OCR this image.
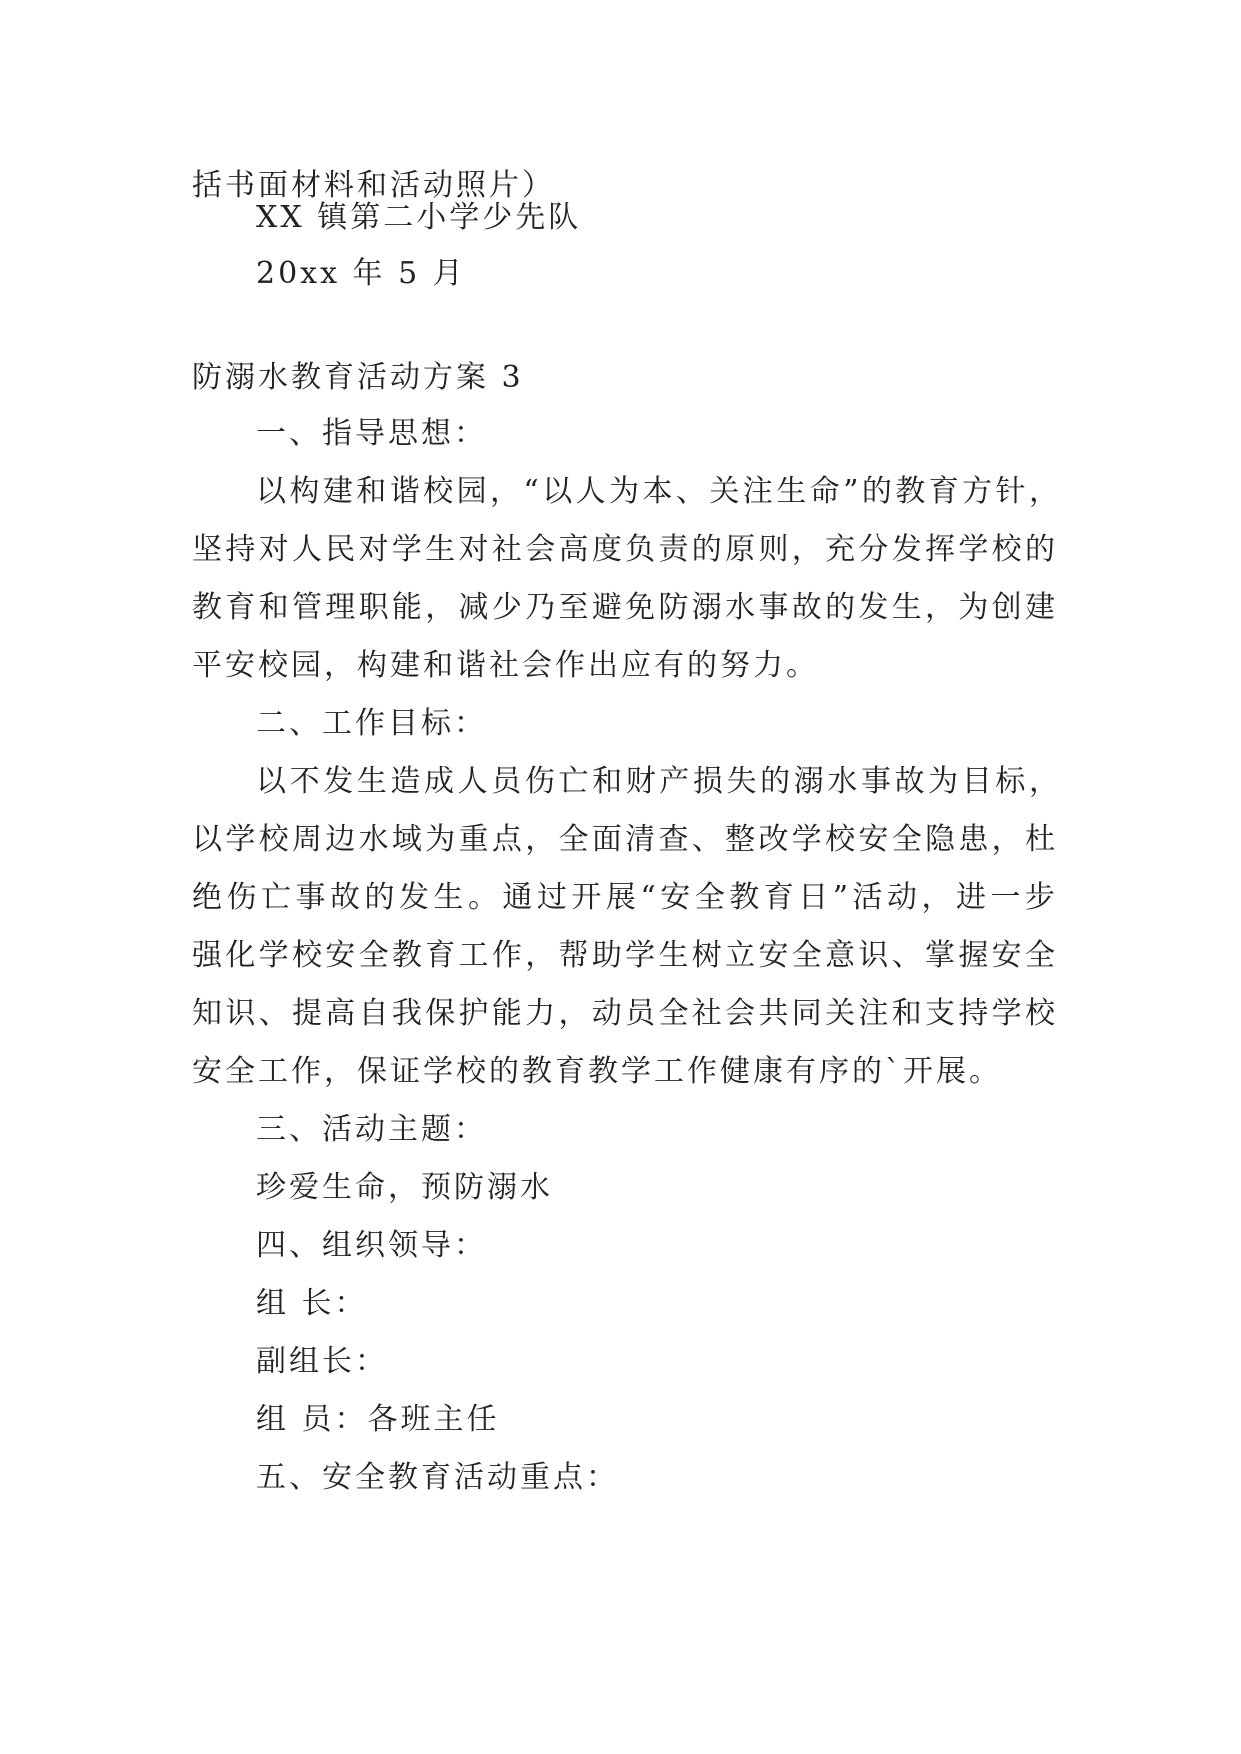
括书面材料和活动照片）
XX 镇第二小学少先队
20xx 年 5 月
防溺水教育活动方案 3
一、指导思想：
以构建和谐校园，“以人为本、关注生命”的教育方针，
坚持对人民对学生对社会高度负责的原则，充分发挥学校的
教育和管理职能，减少乃至避免防溺水事故的发生，为创建
平安校园，构建和谐社会作出应有的努力。
二、工作目标：
以不发生造成人员伤亡和财产损失的溺水事故为目标，
以学校周边水域为重点，全面清查、整改学校安全隐患，杜
绝伤亡事故的发生。通过开展“安全教育日”活动，进一步
强化学校安全教育工作，帮助学生树立安全意识、掌握安全
知识、提高自我保护能力，动员全社会共同关注和支持学校
安全工作，保证学校的教育教学工作健康有序的`开展。
三、活动主题：
珍爱生命，预防溺水
四、组织领导：
组 长：
副组长：
组 员：各班主任
五、安全教育活动重点：
